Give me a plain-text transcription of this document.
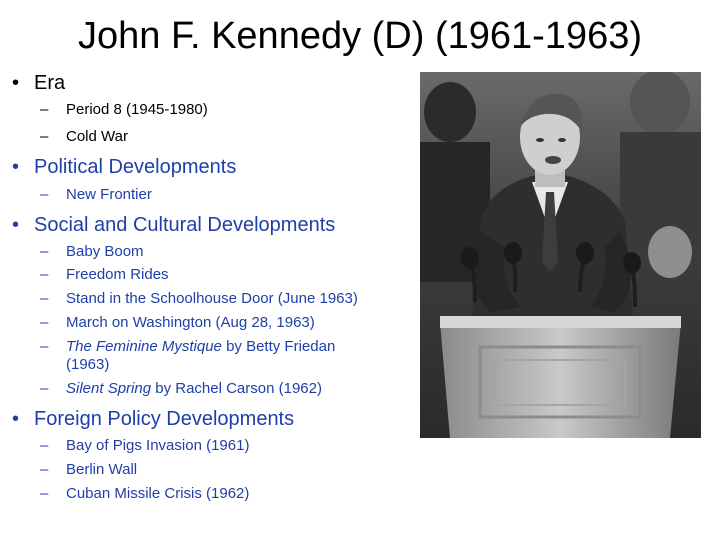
John F. Kennedy (D) (1961-1963)
• Era
– Period 8 (1945-1980)
– Cold War
• Political Developments
– New Frontier
• Social and Cultural Developments
– Baby Boom
– Freedom Rides
– Stand in the Schoolhouse Door (June 1963)
– March on Washington (Aug 28, 1963)
– The Feminine Mystique by Betty Friedan
(1963)
– Silent Spring by Rachel Carson (1962)
• Foreign Policy Developments
– Bay of Pigs Invasion (1961)
– Berlin Wall
– Cuban Missile Crisis (1962)
